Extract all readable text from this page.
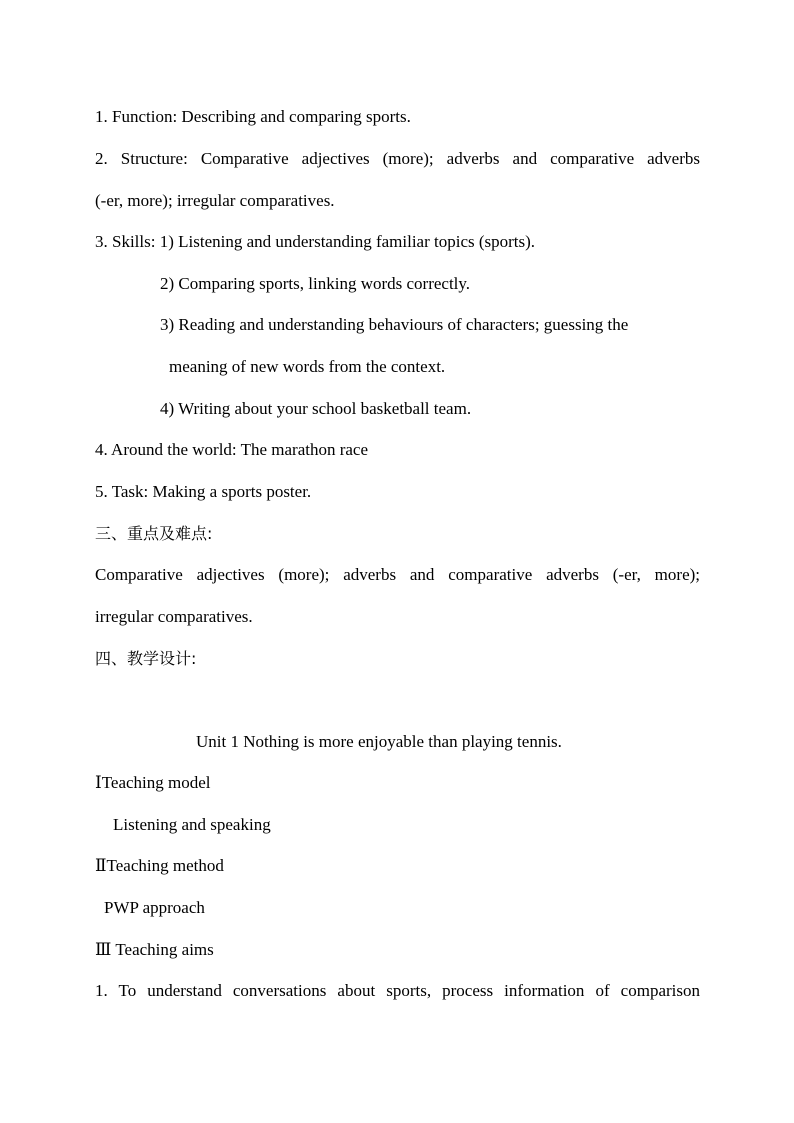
1. Function: Describing and comparing sports.
2. Structure: Comparative adjectives (more); adverbs and comparative adverbs
(-er, more); irregular comparatives.
3. Skills: 1) Listening and understanding familiar topics (sports).
2) Comparing sports, linking words correctly.
3) Reading and understanding behaviours of characters; guessing the
meaning of new words from the context.
4) Writing about your school basketball team.
4. Around the world: The marathon race
5. Task: Making a sports poster.
三、重点及难点:
Comparative adjectives (more); adverbs and comparative adverbs (-er, more);
irregular comparatives.
四、教学设计:
Unit 1 Nothing is more enjoyable than playing tennis.
ⅠTeaching model
Listening and speaking
ⅡTeaching method
PWP approach
Ⅲ Teaching aims
1. To understand conversations about sports, process information of comparison
